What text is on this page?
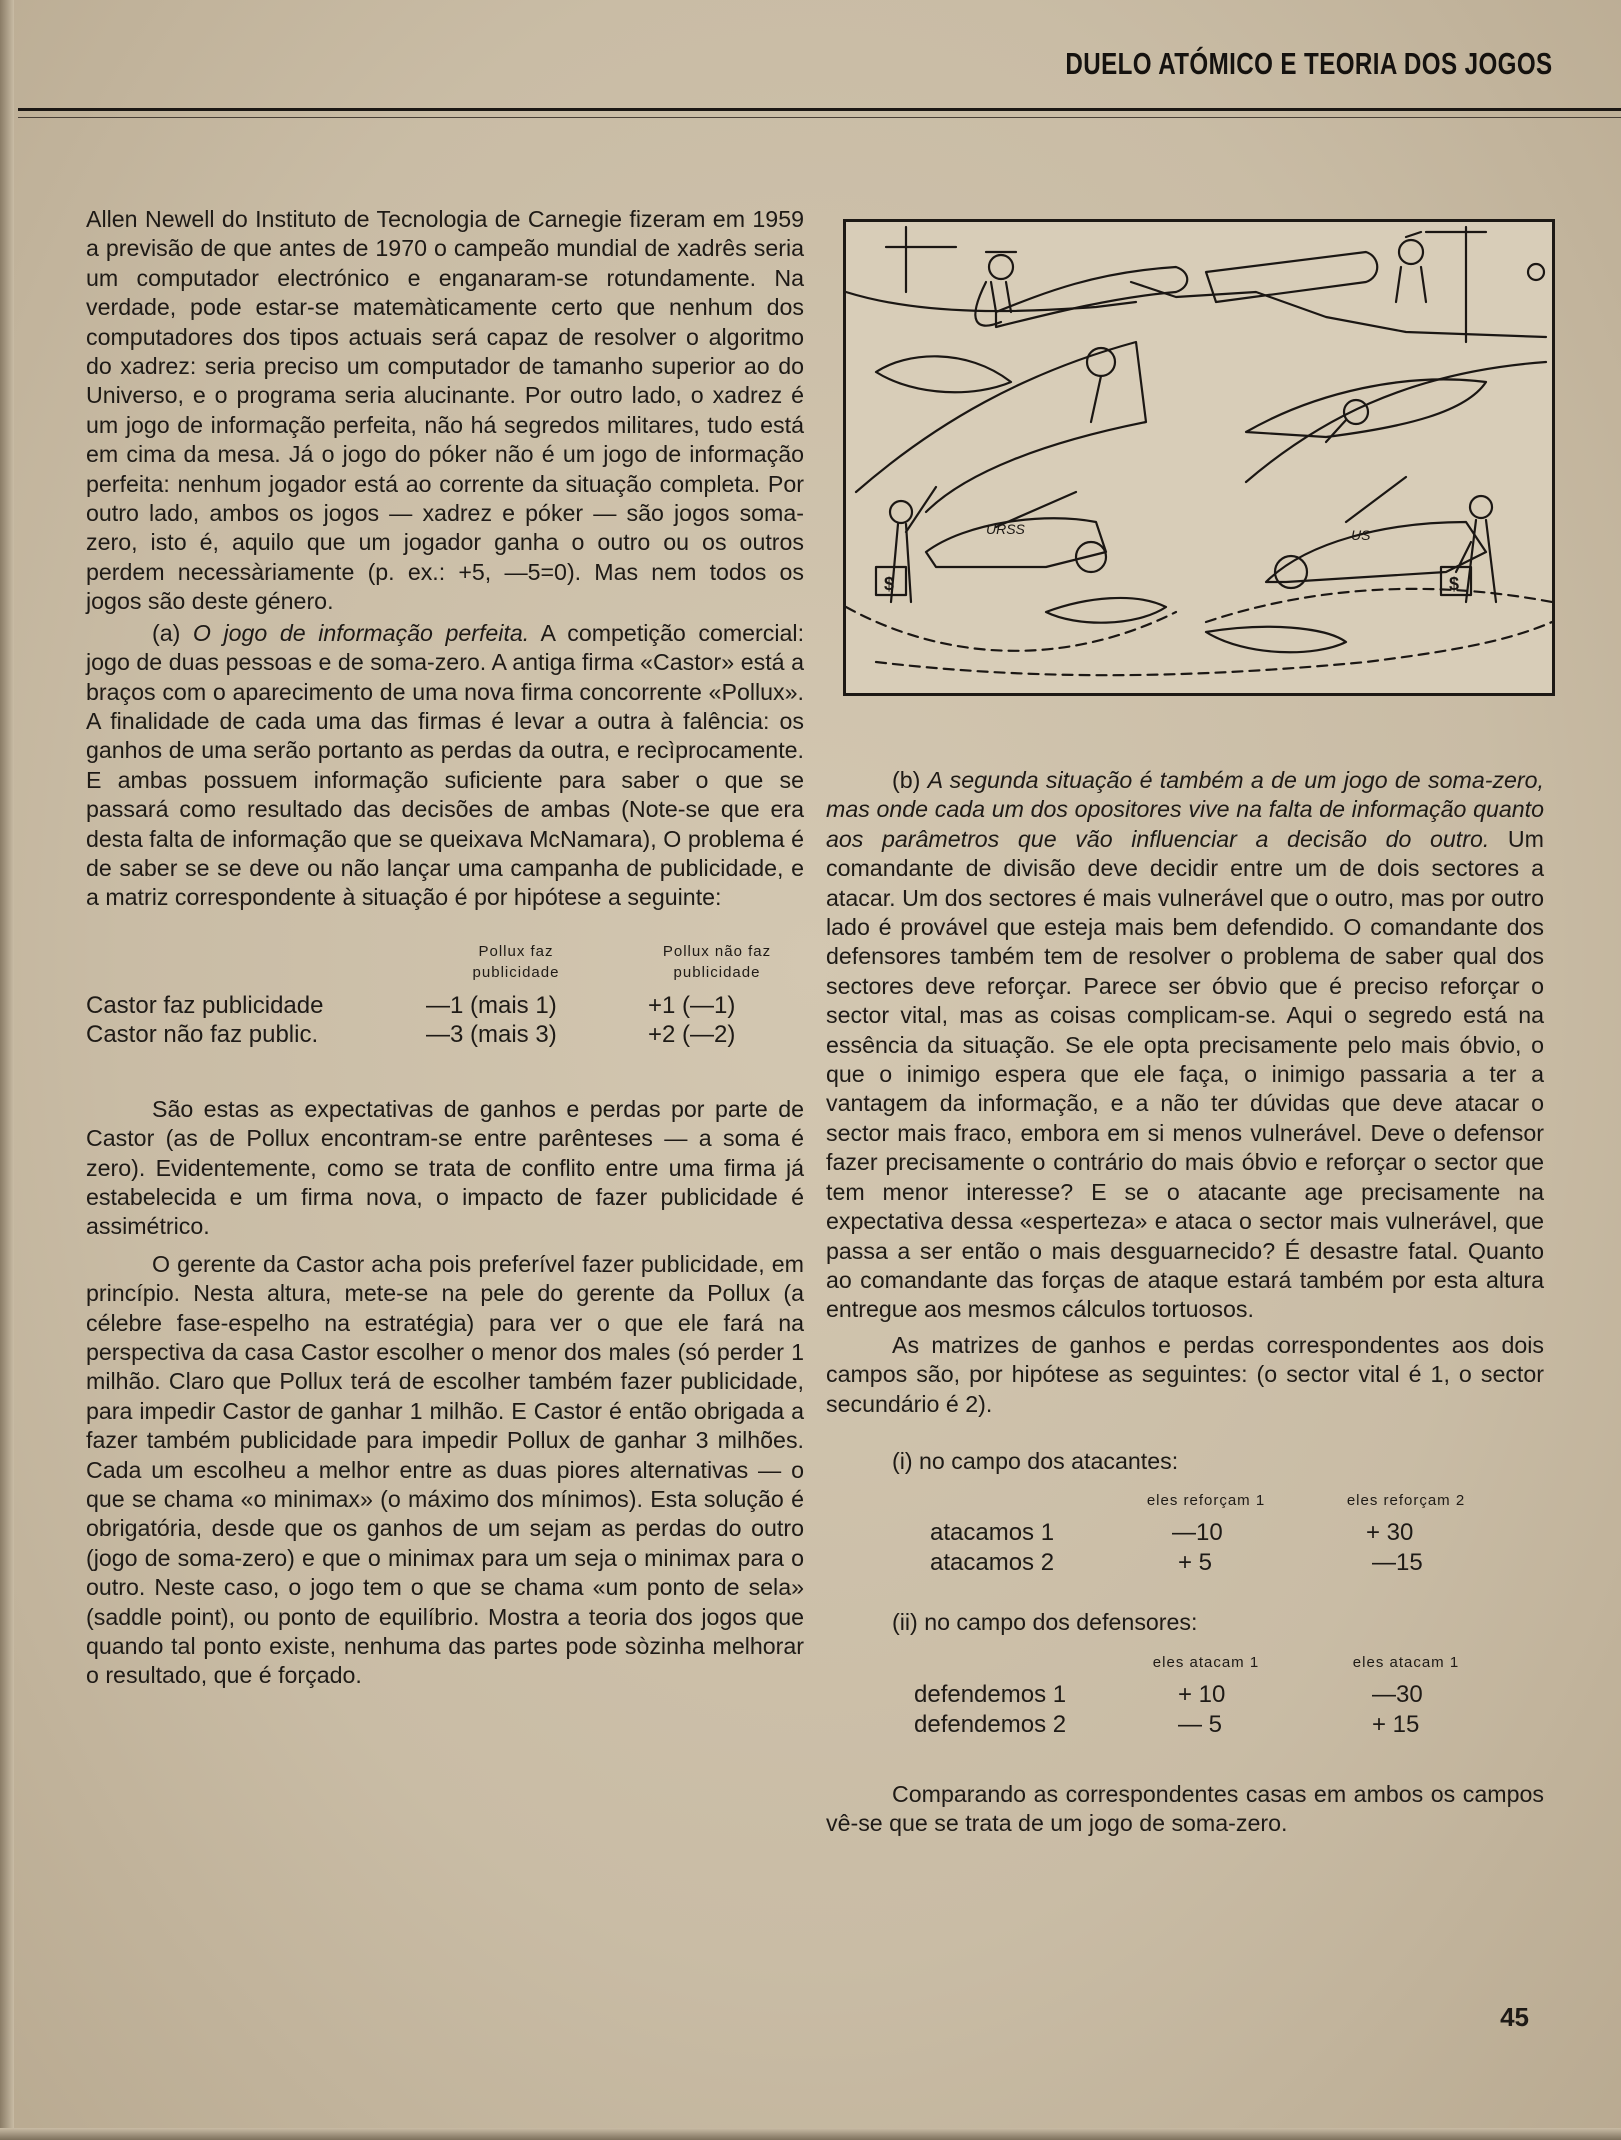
DUELO ATÓMICO E TEORIA DOS JOGOS

Allen Newell do Instituto de Tecnologia de Carnegie fizeram em 1959 a previsão de que antes de 1970 o campeão mundial de xadrês seria um computador electrónico e enganaram-se rotundamente. Na verdade, pode estar-se matemàticamente certo que nenhum dos computadores dos tipos actuais será capaz de resolver o algoritmo do xadrez: seria preciso um computador de tamanho superior ao do Universo, e o programa seria alucinante. Por outro lado, o xadrez é um jogo de informação perfeita, não há segredos militares, tudo está em cima da mesa. Já o jogo do póker não é um jogo de informação perfeita: nenhum jogador está ao corrente da situação completa. Por outro lado, ambos os jogos — xadrez e póker — são jogos soma-zero, isto é, aquilo que um jogador ganha o outro ou os outros perdem necessàriamente (p. ex.: +5, —5=0). Mas nem todos os jogos são deste género.

(a) O jogo de informação perfeita. A competição comercial: jogo de duas pessoas e de soma-zero. A antiga firma «Castor» está a braços com o aparecimento de uma nova firma concorrente «Pollux». A finalidade de cada uma das firmas é levar a outra à falência: os ganhos de uma serão portanto as perdas da outra, e recìprocamente. E ambas possuem informação suficiente para saber o que se passará como resultado das decisões de ambas (Note-se que era desta falta de informação que se queixava McNamara), O problema é de saber se se deve ou não lançar uma campanha de publicidade, e a matriz correspondente à situação é por hipótese a seguinte:

Pollux faz publicidade
Pollux não faz publicidade
Castor faz publicidade	—1 (mais 1)	+1 (—1)
Castor não faz public.	—3 (mais 3)	+2 (—2)

São estas as expectativas de ganhos e perdas por parte de Castor (as de Pollux encontram-se entre parênteses — a soma é zero). Evidentemente, como se trata de conflito entre uma firma já estabelecida e um firma nova, o impacto de fazer publicidade é assimétrico.

O gerente da Castor acha pois preferível fazer publicidade, em princípio. Nesta altura, mete-se na pele do gerente da Pollux (a célebre fase-espelho na estratégia) para ver o que ele fará na perspectiva da casa Castor escolher o menor dos males (só perder 1 milhão. Claro que Pollux terá de escolher também fazer publicidade, para impedir Castor de ganhar 1 milhão. E Castor é então obrigada a fazer também publicidade para impedir Pollux de ganhar 3 milhões. Cada um escolheu a melhor entre as duas piores alternativas — o que se chama «o minimax» (o máximo dos mínimos). Esta solução é obrigatória, desde que os ganhos de um sejam as perdas do outro (jogo de soma-zero) e que o minimax para um seja o minimax para o outro. Neste caso, o jogo tem o que se chama «um ponto de sela» (saddle point), ou ponto de equilíbrio. Mostra a teoria dos jogos que quando tal ponto existe, nenhuma das partes pode sòzinha melhorar o resultado, que é forçado.

URSS	US
$	$

(b) A segunda situação é também a de um jogo de soma-zero, mas onde cada um dos opositores vive na falta de informação quanto aos parâmetros que vão influenciar a decisão do outro. Um comandante de divisão deve decidir entre um de dois sectores a atacar. Um dos sectores é mais vulnerável que o outro, mas por outro lado é provável que esteja mais bem defendido. O comandante dos defensores também tem de resolver o problema de saber qual dos sectores deve reforçar. Parece ser óbvio que é preciso reforçar o sector vital, mas as coisas complicam-se. Aqui o segredo está na essência da situação. Se ele opta precisamente pelo mais óbvio, o que o inimigo espera que ele faça, o inimigo passaria a ter a vantagem da informação, e a não ter dúvidas que deve atacar o sector mais fraco, embora em si menos vulnerável. Deve o defensor fazer precisamente o contrário do mais óbvio e reforçar o sector que tem menor interesse? E se o atacante age precisamente na expectativa dessa «esperteza» e ataca o sector mais vulnerável, que passa a ser então o mais desguarnecido? É desastre fatal. Quanto ao comandante das forças de ataque estará também por esta altura entregue aos mesmos cálculos tortuosos.

As matrizes de ganhos e perdas correspondentes aos dois campos são, por hipótese as seguintes: (o sector vital é 1, o sector secundário é 2).

(i) no campo dos atacantes:

eles reforçam 1	eles reforçam 2
atacamos 1	—10	+ 30
atacamos 2	+ 5	—15

(ii) no campo dos defensores:

eles atacam 1	eles atacam 1
defendemos 1	+ 10	—30
defendemos 2	— 5	+ 15

Comparando as correspondentes casas em ambos os campos vê-se que se trata de um jogo de soma-zero.

45
